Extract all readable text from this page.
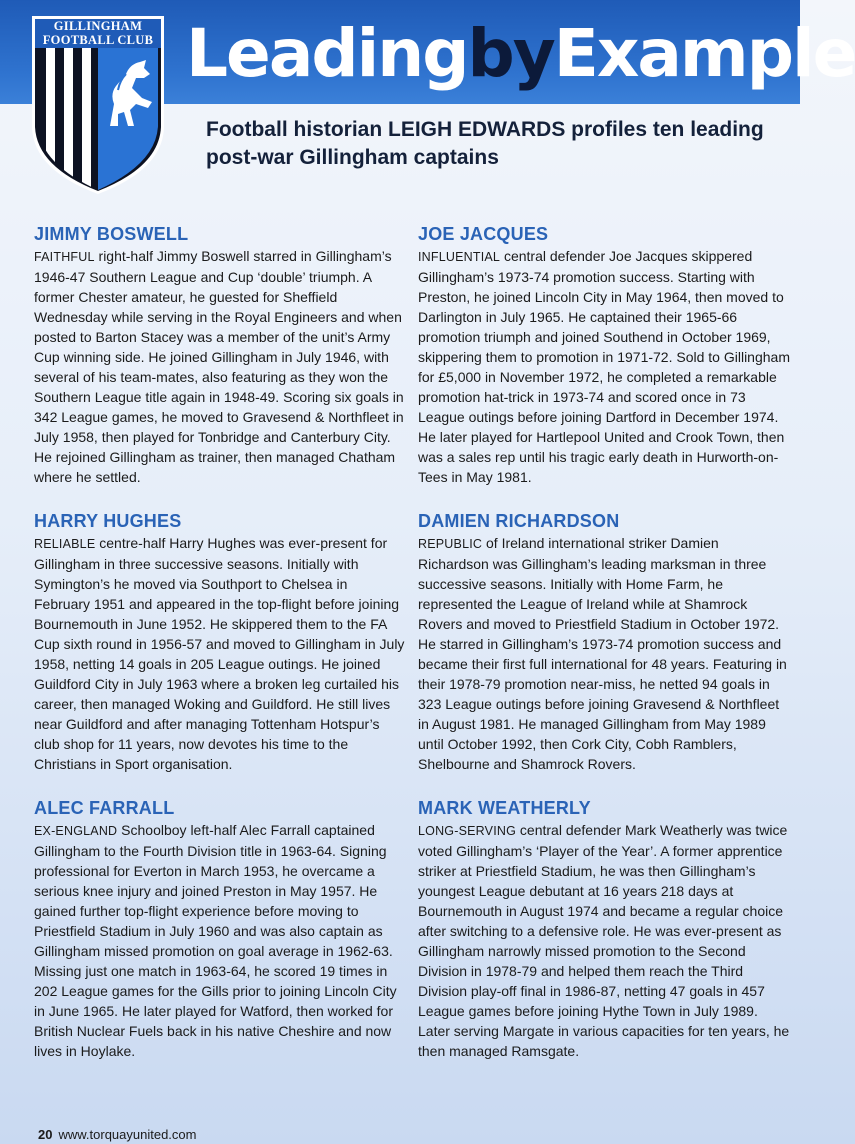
LeadingbyExample
GILLINGHAM
FOOTBALL CLUB
Football historian LEIGH EDWARDS profiles ten leading post-war Gillingham captains
JIMMY BOSWELL

FAITHFUL right-half Jimmy Boswell starred in Gillingham’s 1946-47 Southern League and Cup ‘double’ triumph. A former Chester amateur, he guested for Sheffield Wednesday while serving in the Royal Engineers and when posted to Barton Stacey was a member of the unit’s Army Cup winning side. He joined Gillingham in July 1946, with several of his team-mates, also featuring as they won the Southern League title again in 1948-49. Scoring six goals in 342 League games, he moved to Gravesend & Northfleet in July 1958, then played for Tonbridge and Canterbury City. He rejoined Gillingham as trainer, then managed Chatham where he settled.

HARRY HUGHES

RELIABLE centre-half Harry Hughes was ever-present for Gillingham in three successive seasons. Initially with Symington’s he moved via Southport to Chelsea in February 1951 and appeared in the top-flight before joining Bournemouth in June 1952. He skippered them to the FA Cup sixth round in 1956-57 and moved to Gillingham in July 1958, netting 14 goals in 205 League outings. He joined Guildford City in July 1963 where a broken leg curtailed his career, then managed Woking and Guildford. He still lives near Guildford and after managing Tottenham Hotspur’s club shop for 11 years, now devotes his time to the Christians in Sport organisation.

ALEC FARRALL

EX-ENGLAND Schoolboy left-half Alec Farrall captained Gillingham to the Fourth Division title in 1963-64. Signing professional for Everton in March 1953, he overcame a serious knee injury and joined Preston in May 1957. He gained further top-flight experience before moving to Priestfield Stadium in July 1960 and was also captain as Gillingham missed promotion on goal average in 1962-63. Missing just one match in 1963-64, he scored 19 times in 202 League games for the Gills prior to joining Lincoln City in June 1965. He later played for Watford, then worked for British Nuclear Fuels back in his native Cheshire and now lives in Hoylake.

JOE JACQUES

INFLUENTIAL central defender Joe Jacques skippered Gillingham’s 1973-74 promotion success. Starting with Preston, he joined Lincoln City in May 1964, then moved to Darlington in July 1965. He captained their 1965-66 promotion triumph and joined Southend in October 1969, skippering them to promotion in 1971-72. Sold to Gillingham for £5,000 in November 1972, he completed a remarkable promotion hat-trick in 1973-74 and scored once in 73 League outings before joining Dartford in December 1974. He later played for Hartlepool United and Crook Town, then was a sales rep until his tragic early death in Hurworth-on-Tees in May 1981.

DAMIEN RICHARDSON

REPUBLIC of Ireland international striker Damien Richardson was Gillingham’s leading marksman in three successive seasons. Initially with Home Farm, he represented the League of Ireland while at Shamrock Rovers and moved to Priestfield Stadium in October 1972. He starred in Gillingham’s 1973-74 promotion success and became their first full international for 48 years. Featuring in their 1978-79 promotion near-miss, he netted 94 goals in 323 League outings before joining Gravesend & Northfleet in August 1981. He managed Gillingham from May 1989 until October 1992, then Cork City, Cobh Ramblers, Shelbourne and Shamrock Rovers.

MARK WEATHERLY

LONG-SERVING central defender Mark Weatherly was twice voted Gillingham’s ‘Player of the Year’. A former apprentice striker at Priestfield Stadium, he was then Gillingham’s youngest League debutant at 16 years 218 days at Bournemouth in August 1974 and became a regular choice after switching to a defensive role. He was ever-present as Gillingham narrowly missed promotion to the Second Division in 1978-79 and helped them reach the Third Division play-off final in 1986-87, netting 47 goals in 457 League games before joining Hythe Town in July 1989. Later serving Margate in various capacities for ten years, he then managed Ramsgate.

20 www.torquayunited.com
